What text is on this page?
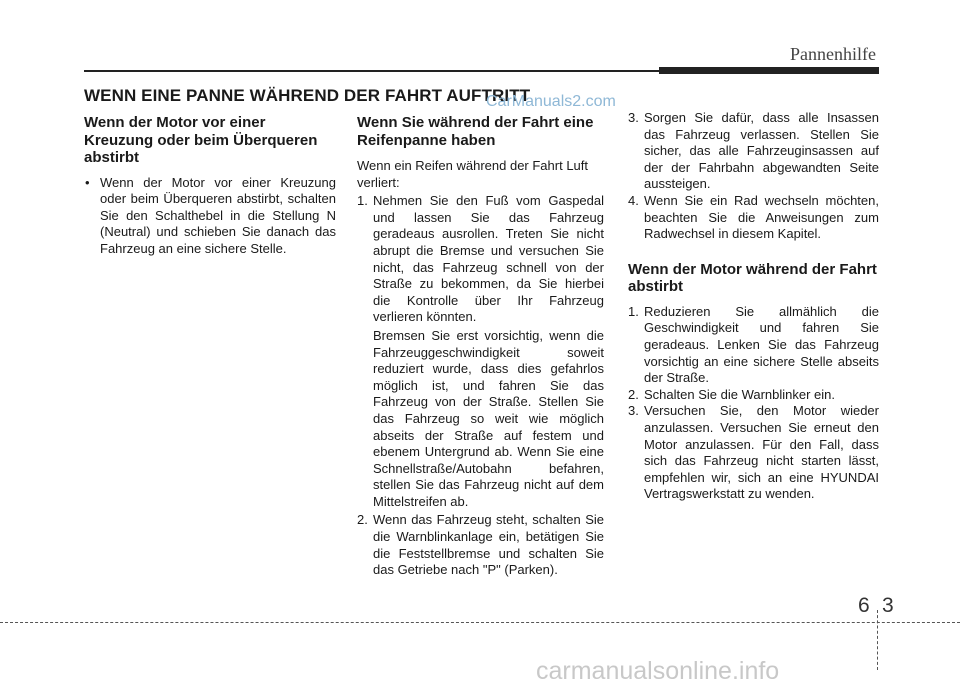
Pannenhilfe
WENN EINE PANNE WÄHREND DER FAHRT AUFTRITT
CarManuals2.com
Wenn der Motor vor einer Kreuzung oder beim Überqueren abstirbt

• Wenn der Motor vor einer Kreuzung oder beim Überqueren abstirbt, schalten Sie den Schalthebel in die Stellung N (Neutral) und schieben Sie danach das Fahrzeug an eine sichere Stelle.

Wenn Sie während der Fahrt eine Reifenpanne haben

Wenn ein Reifen während der Fahrt Luft verliert:

1. Nehmen Sie den Fuß vom Gaspedal und lassen Sie das Fahrzeug geradeaus ausrollen. Treten Sie nicht abrupt die Bremse und versuchen Sie nicht, das Fahrzeug schnell von der Straße zu bekommen, da Sie hierbei die Kontrolle über Ihr Fahrzeug verlieren könnten.

Bremsen Sie erst vorsichtig, wenn die Fahrzeuggeschwindigkeit soweit reduziert wurde, dass dies gefahrlos möglich ist, und fahren Sie das Fahrzeug von der Straße. Stellen Sie das Fahrzeug so weit wie möglich abseits der Straße auf festem und ebenem Untergrund ab. Wenn Sie eine Schnellstraße/Autobahn befahren, stellen Sie das Fahrzeug nicht auf dem Mittelstreifen ab.

2. Wenn das Fahrzeug steht, schalten Sie die Warnblinkanlage ein, betätigen Sie die Feststellbremse und schalten Sie das Getriebe nach "P" (Parken).

3. Sorgen Sie dafür, dass alle Insassen das Fahrzeug verlassen. Stellen Sie sicher, das alle Fahrzeuginsassen auf der der Fahrbahn abgewandten Seite aussteigen.

4. Wenn Sie ein Rad wechseln möchten, beachten Sie die Anweisungen zum Radwechsel in diesem Kapitel.

Wenn der Motor während der Fahrt abstirbt

1. Reduzieren Sie allmählich die Geschwindigkeit und fahren Sie geradeaus. Lenken Sie das Fahrzeug vorsichtig an eine sichere Stelle abseits der Straße.

2. Schalten Sie die Warnblinker ein.

3. Versuchen Sie, den Motor wieder anzulassen. Versuchen Sie erneut den Motor anzulassen. Für den Fall, dass sich das Fahrzeug nicht starten lässt, empfehlen wir, sich an eine HYUNDAI Vertragswerkstatt zu wenden.

6 3
carmanualsonline.info
